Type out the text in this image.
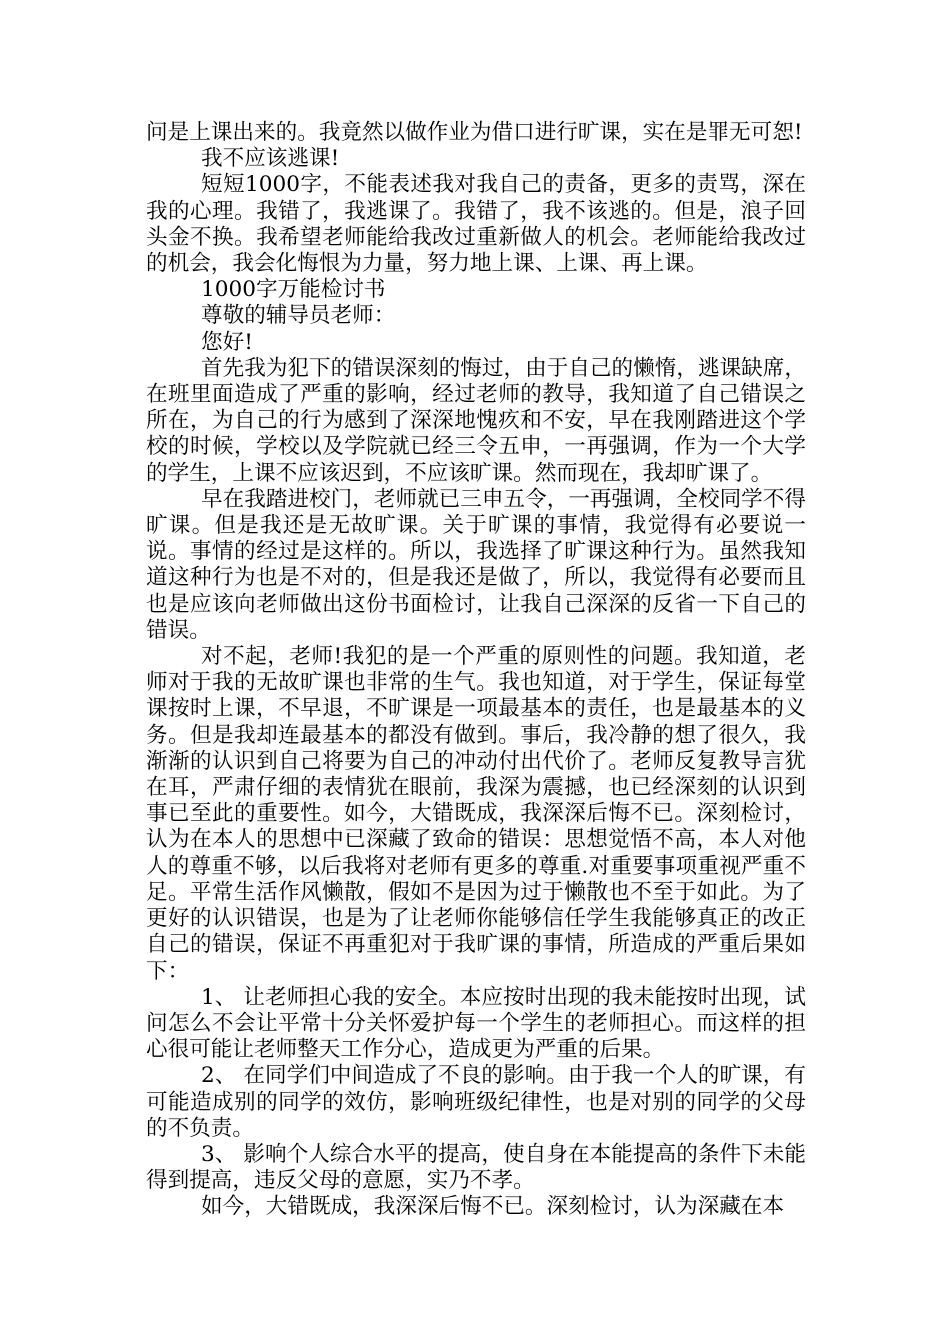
问是上课出来的。我竟然以做作业为借口进行旷课，实在是罪无可恕!

我不应该逃课!

短短1000字，不能表述我对我自己的责备，更多的责骂，深在我的心理。我错了，我逃课了。我错了，我不该逃的。但是，浪子回头金不换。我希望老师能给我改过重新做人的机会。老师能给我改过的机会，我会化悔恨为力量，努力地上课、上课、再上课。

1000字万能检讨书

尊敬的辅导员老师：

您好!

首先我为犯下的错误深刻的悔过，由于自己的懒惰，逃课缺席，在班里面造成了严重的影响，经过老师的教导，我知道了自己错误之所在，为自己的行为感到了深深地愧疚和不安，早在我刚踏进这个学校的时候，学校以及学院就已经三令五申，一再强调，作为一个大学的学生，上课不应该迟到，不应该旷课。然而现在，我却旷课了。

早在我踏进校门，老师就已三申五令，一再强调，全校同学不得旷课。但是我还是无故旷课。关于旷课的事情，我觉得有必要说一说。事情的经过是这样的。所以，我选择了旷课这种行为。虽然我知道这种行为也是不对的，但是我还是做了，所以，我觉得有必要而且也是应该向老师做出这份书面检讨，让我自己深深的反省一下自己的错误。

对不起，老师!我犯的是一个严重的原则性的问题。我知道，老师对于我的无故旷课也非常的生气。我也知道，对于学生，保证每堂课按时上课，不早退，不旷课是一项最基本的责任，也是最基本的义务。但是我却连最基本的都没有做到。事后，我冷静的想了很久，我渐渐的认识到自己将要为自己的冲动付出代价了。老师反复教导言犹在耳，严肃仔细的表情犹在眼前，我深为震撼，也已经深刻的认识到事已至此的重要性。如今，大错既成，我深深后悔不已。深刻检讨，认为在本人的思想中已深藏了致命的错误：思想觉悟不高，本人对他人的尊重不够，以后我将对老师有更多的尊重.对重要事项重视严重不足。平常生活作风懒散，假如不是因为过于懒散也不至于如此。为了更好的认识错误，也是为了让老师你能够信任学生我能够真正的改正自己的错误，保证不再重犯对于我旷课的事情，所造成的严重后果如下：

1、 让老师担心我的安全。本应按时出现的我未能按时出现，试问怎么不会让平常十分关怀爱护每一个学生的老师担心。而这样的担心很可能让老师整天工作分心，造成更为严重的后果。

2、 在同学们中间造成了不良的影响。由于我一个人的旷课，有可能造成别的同学的效仿，影响班级纪律性，也是对别的同学的父母的不负责。

3、 影响个人综合水平的提高，使自身在本能提高的条件下未能得到提高，违反父母的意愿，实乃不孝。

如今，大错既成，我深深后悔不已。深刻检讨，认为深藏在本
